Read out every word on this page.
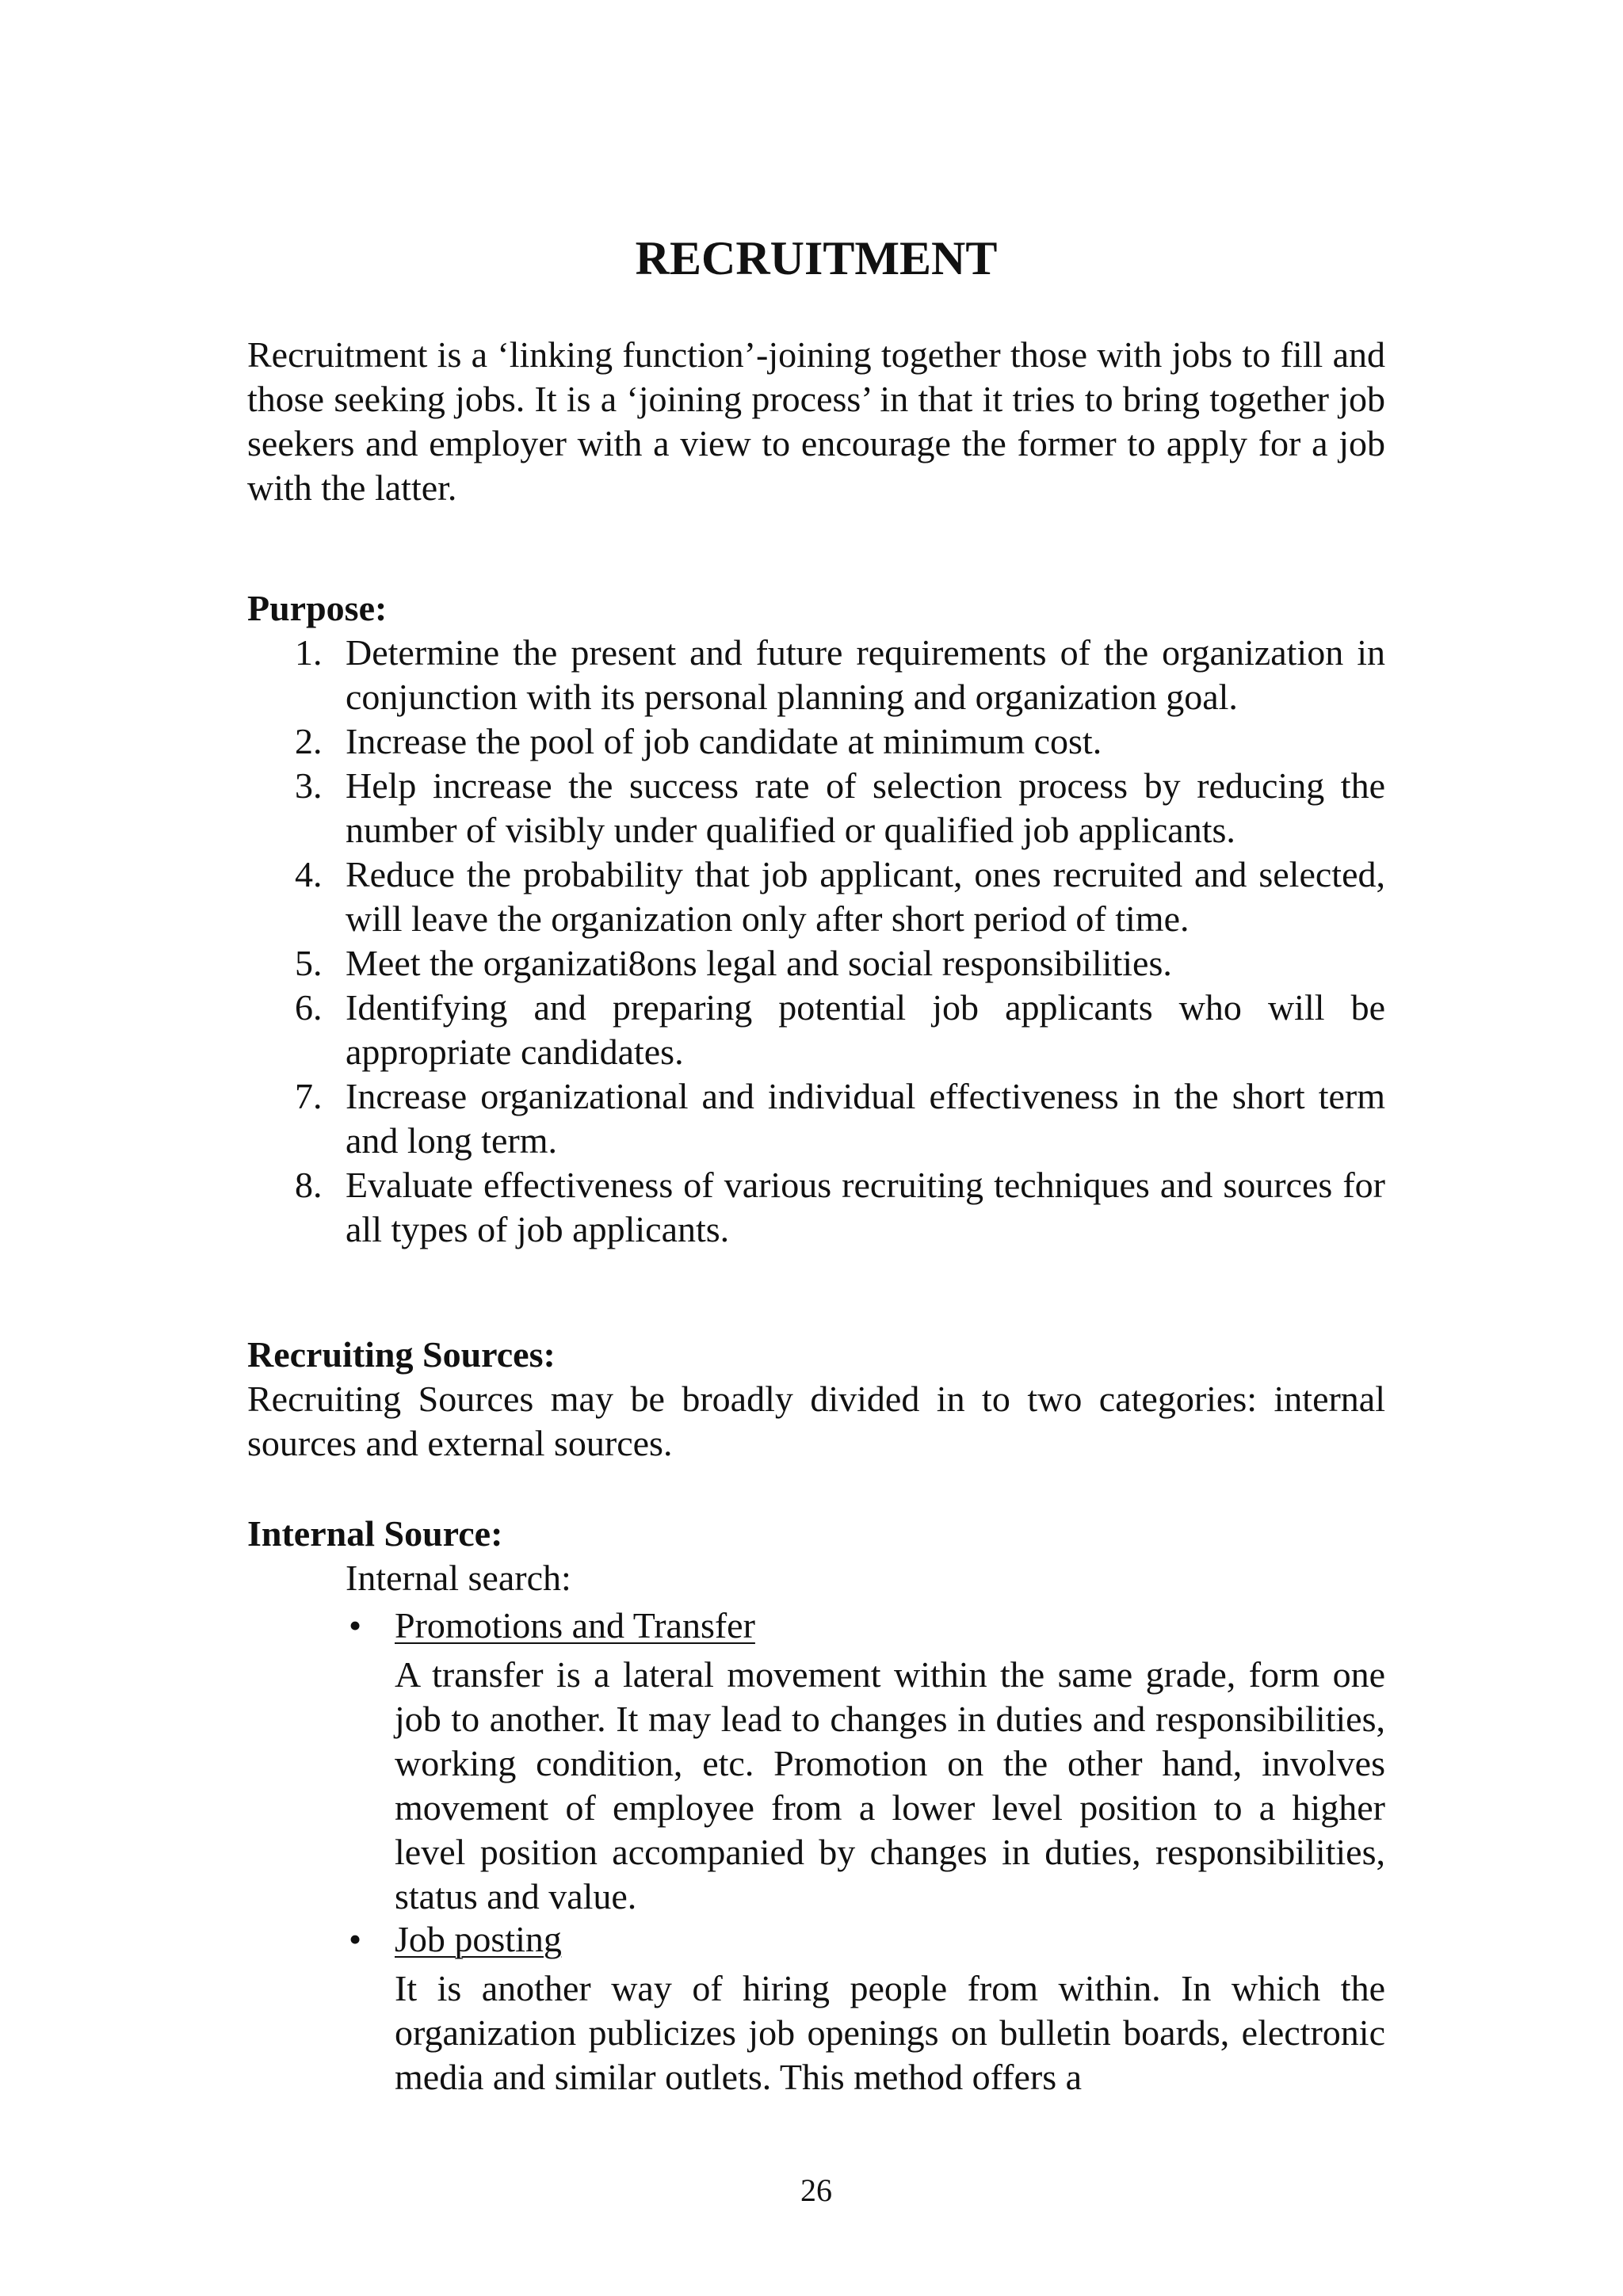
RECRUITMENT

Recruitment is a ‘linking function’-joining together those with jobs to fill and those seeking jobs. It is a ‘joining process’ in that it tries to bring together job seekers and employer with a view to encourage the former to apply for a job with the latter.

Purpose:
1. Determine the present and future requirements of the organization in conjunction with its personal planning and organization goal.
2. Increase the pool of job candidate at minimum cost.
3. Help increase the success rate of selection process by reducing the number of visibly under qualified or qualified job applicants.
4. Reduce the probability that job applicant, ones recruited and selected, will leave the organization only after short period of time.
5. Meet the organizati8ons legal and social responsibilities.
6. Identifying and preparing potential job applicants who will be appropriate candidates.
7. Increase organizational and individual effectiveness in the short term and long term.
8. Evaluate effectiveness of various recruiting techniques and sources for all types of job applicants.
Recruiting Sources:

Recruiting Sources may be broadly divided in to two categories: internal sources and external sources.

Internal Source:
Internal search:
• Promotions and Transfer
A transfer is a lateral movement within the same grade, form one job to another. It may lead to changes in duties and responsibilities, working condition, etc. Promotion on the other hand, involves movement of employee from a lower level position to a higher level position accompanied by changes in duties, responsibilities, status and value.
• Job posting
It is another way of hiring people from within. In which the organization publicizes job openings on bulletin boards, electronic media and similar outlets. This method offers a
26
